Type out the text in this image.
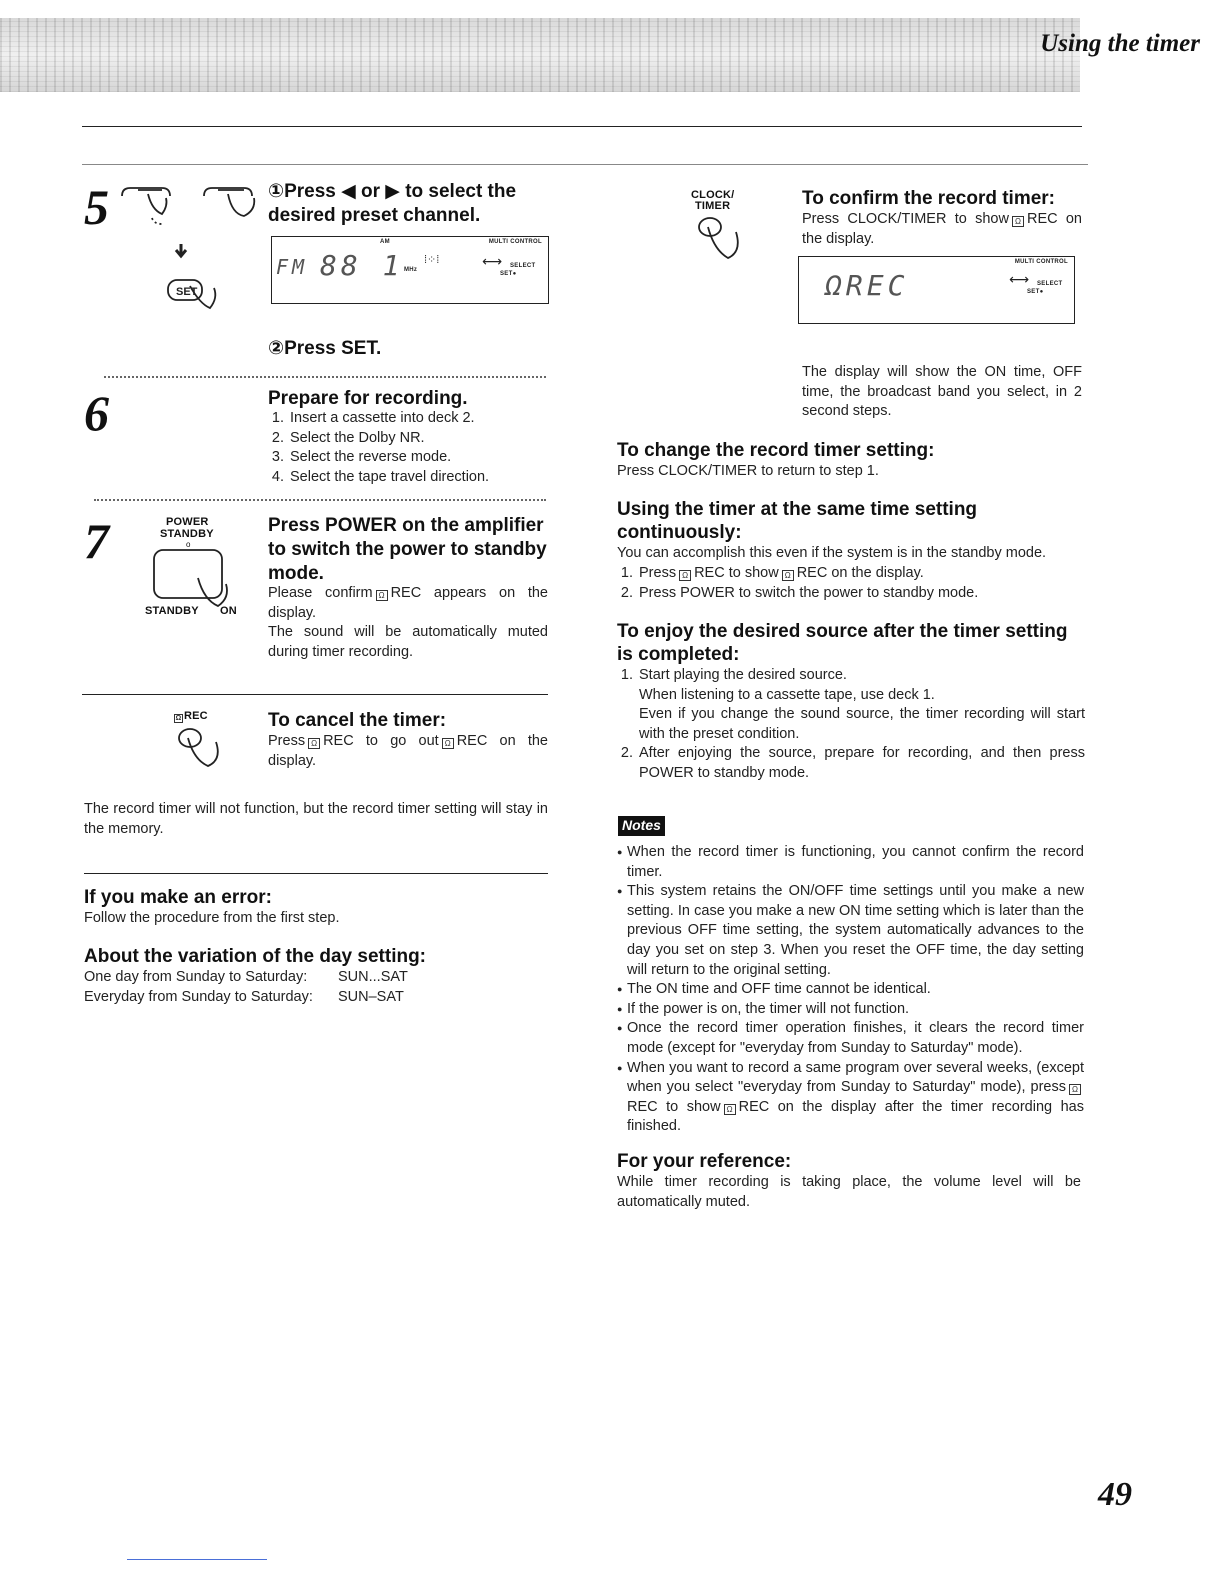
Using the timer
5
SET
①Press ◀ or ▶ to select the desired preset channel.
AM	MULTI CONTROL
FM 88 1 MHz
⁞⁘⁞	⟷ SELECT
SET●
②Press SET.
6	Prepare for recording.
1. Insert a cassette into deck 2.
2. Select the Dolby NR.
3. Select the reverse mode.
4. Select the tape travel direction.
7	POWER
STANDBY
o
STANDBY ON
Press POWER on the amplifier to switch the power to standby mode.
Please confirm Ω REC appears on the display.
The sound will be automatically muted during timer recording.
Ω REC	To cancel the timer:
Press Ω REC to go out Ω REC on the display.
The record timer will not function, but the record timer setting will stay in the memory.
If you make an error:
Follow the procedure from the first step.
About the variation of the day setting:
One day from Sunday to Saturday: SUN...SAT
Everyday from Sunday to Saturday: SUN–SAT
CLOCK/
TIMER	To confirm the record timer:
Press CLOCK/TIMER to show Ω REC on the display.
MULTI CONTROL
ΩREC	⟷ SELECT
SET●
The display will show the ON time, OFF time, the broadcast band you select, in 2 second steps.
To change the record timer setting:
Press CLOCK/TIMER to return to step 1.
Using the timer at the same time setting continuously:
You can accomplish this even if the system is in the standby mode.
1. Press Ω REC to show Ω REC on the display.
2. Press POWER to switch the power to standby mode.
To enjoy the desired source after the timer setting is completed:

1. Start playing the desired source.

When listening to a cassette tape, use deck 1.

Even if you change the sound source, the timer recording will start with the preset condition.

2. After enjoying the source, prepare for recording, and then press POWER to standby mode.

Notes
● When the record timer is functioning, you cannot confirm the record timer.
● This system retains the ON/OFF time settings until you make a new setting. In case you make a new ON time setting which is later than the previous OFF time setting, the system automatically advances to the day you set on step 3. When you reset the OFF time, the day setting will return to the original setting.
● The ON time and OFF time cannot be identical.
● If the power is on, the timer will not function.
● Once the record timer operation finishes, it clears the record timer mode (except for "everyday from Sunday to Saturday" mode).
● When you want to record a same program over several weeks, (except when you select "everyday from Sunday to Saturday" mode), press ΩREC to show Ω REC on the display after the timer recording has finished.
For your reference:
While timer recording is taking place, the volume level will be automatically muted.
49
